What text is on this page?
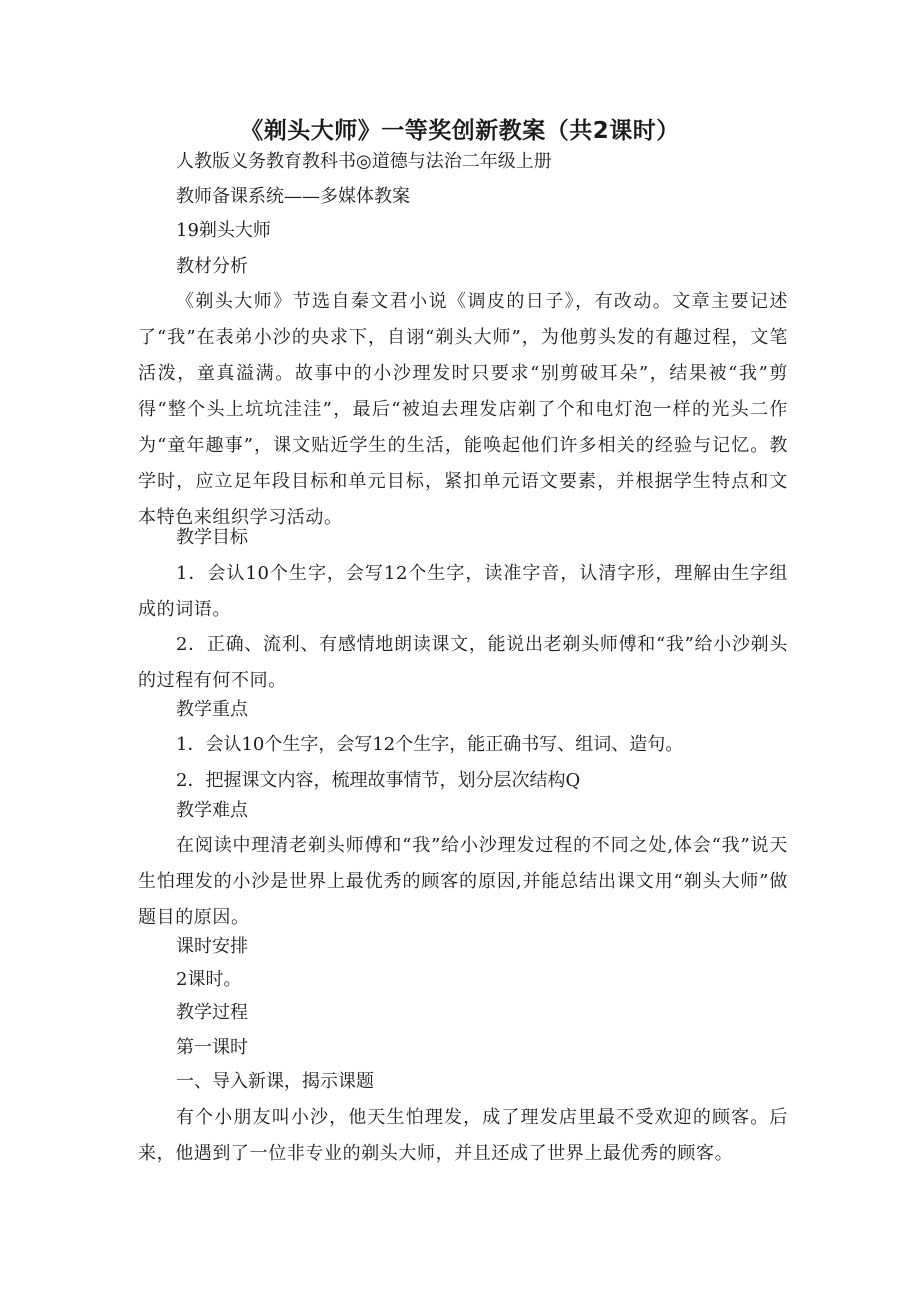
《剃头大师》一等奖创新教案（共2课时）
人教版义务教育教科书◎道德与法治二年级上册
教师备课系统——多媒体教案
19剃头大师
教材分析
《剃头大师》节选自秦文君小说《调皮的日子》，有改动。文章主要记述了“我”在表弟小沙的央求下，自诩“剃头大师”，为他剪头发的有趣过程，文笔活泼，童真溢满。故事中的小沙理发时只要求“别剪破耳朵”，结果被“我”剪得“整个头上坑坑洼洼”，最后“被迫去理发店剃了个和电灯泡一样的光头二作为“童年趣事”，课文贴近学生的生活，能唤起他们许多相关的经验与记忆。教学时，应立足年段目标和单元目标，紧扣单元语文要素，并根据学生特点和文本特色来组织学习活动。
教学目标
1．会认10个生字，会写12个生字，读准字音，认清字形，理解由生字组成的词语。
2．正确、流利、有感情地朗读课文，能说出老剃头师傅和“我”给小沙剃头的过程有何不同。
教学重点
1．会认10个生字，会写12个生字，能正确书写、组词、造句。
2．把握课文内容，梳理故事情节，划分层次结构Q
教学难点
在阅读中理清老剃头师傅和“我”给小沙理发过程的不同之处,体会“我”说天生怕理发的小沙是世界上最优秀的顾客的原因,并能总结出课文用“剃头大师”做题目的原因。
课时安排
2课时。
教学过程
第一课时
一、导入新课，揭示课题
有个小朋友叫小沙，他天生怕理发，成了理发店里最不受欢迎的顾客。后来，他遇到了一位非专业的剃头大师，并且还成了世界上最优秀的顾客。
